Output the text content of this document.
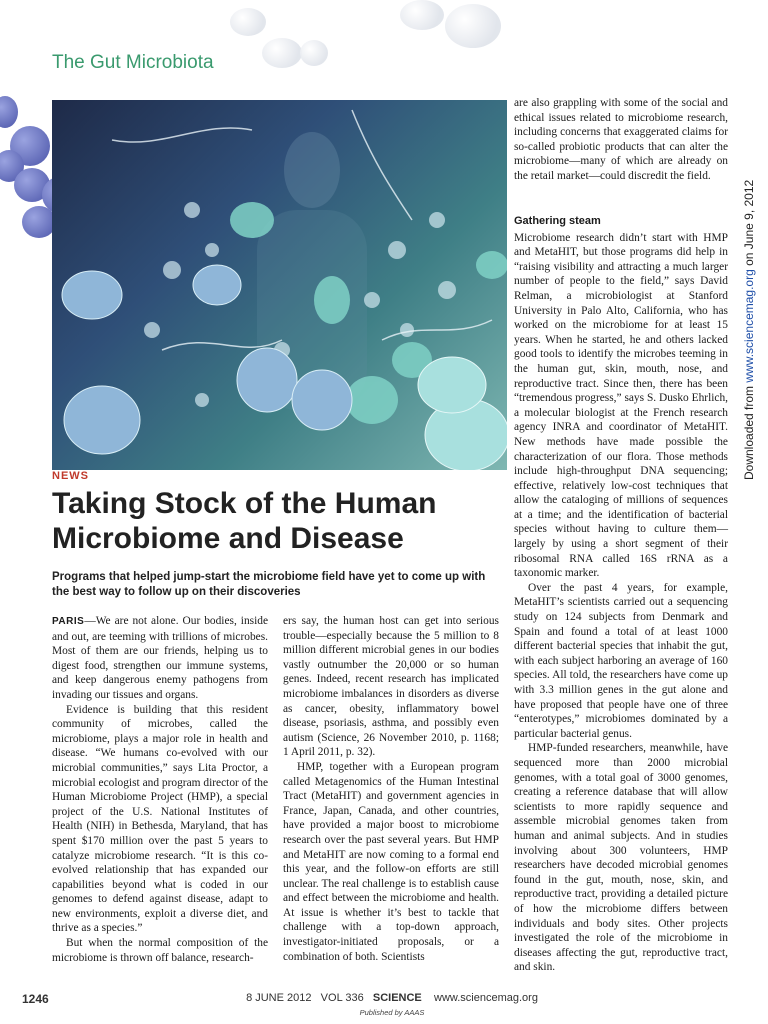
The Gut Microbiota
NEWS
Taking Stock of the Human
Microbiome and Disease
Programs that helped jump-start the microbiome field have yet to come up with the best way to follow up on their discoveries

PARIS—We are not alone. Our bodies, inside and out, are teeming with trillions of microbes. Most of them are our friends, helping us to digest food, strengthen our immune systems, and keep dangerous enemy pathogens from invading our tissues and organs.

Evidence is building that this resident community of microbes, called the microbiome, plays a major role in health and disease. “We humans co-evolved with our microbial communities,” says Lita Proctor, a microbial ecologist and program director of the Human Microbiome Project (HMP), a special project of the U.S. National Institutes of Health (NIH) in Bethesda, Maryland, that has spent $170 million over the past 5 years to catalyze microbiome research. “It is this co-evolved relationship that has expanded our capabilities beyond what is coded in our genomes to defend against disease, adapt to new environments, exploit a diverse diet, and thrive as a species.”

But when the normal composition of the microbiome is thrown off balance, research-

ers say, the human host can get into serious trouble—especially because the 5 million to 8 million different microbial genes in our bodies vastly outnumber the 20,000 or so human genes. Indeed, recent research has implicated microbiome imbalances in disorders as diverse as cancer, obesity, inflammatory bowel disease, psoriasis, asthma, and possibly even autism (Science, 26 November 2010, p. 1168; 1 April 2011, p. 32).

HMP, together with a European program called Metagenomics of the Human Intestinal Tract (MetaHIT) and government agencies in France, Japan, Canada, and other countries, have provided a major boost to microbiome research over the past several years. But HMP and MetaHIT are now coming to a formal end this year, and the follow-on efforts are still unclear. The real challenge is to establish cause and effect between the microbiome and health. At issue is whether it’s best to tackle that challenge with a top-down approach, investigator-initiated proposals, or a combination of both. Scientists

are also grappling with some of the social and ethical issues related to microbiome research, including concerns that exaggerated claims for so-called probiotic products that can alter the microbiome—many of which are already on the retail market—could discredit the field.

Gathering steam

Microbiome research didn’t start with HMP and MetaHIT, but those programs did help in “raising visibility and attracting a much larger number of people to the field,” says David Relman, a microbiologist at Stanford University in Palo Alto, California, who has worked on the microbiome for at least 15 years. When he started, he and others lacked good tools to identify the microbes teeming in the human gut, skin, mouth, nose, and reproductive tract. Since then, there has been “tremendous progress,” says S. Dusko Ehrlich, a molecular biologist at the French research agency INRA and coordinator of MetaHIT. New methods have made possible the characterization of our flora. Those methods include high-throughput DNA sequencing; effective, relatively low-cost techniques that allow the cataloging of millions of sequences at a time; and the identification of bacterial species without having to culture them—largely by using a short segment of their ribosomal RNA called 16S rRNA as a taxonomic marker.

Over the past 4 years, for example, MetaHIT’s scientists carried out a sequencing study on 124 subjects from Denmark and Spain and found a total of at least 1000 different bacterial species that inhabit the gut, with each subject harboring an average of 160 species. All told, the researchers have come up with 3.3 million genes in the gut alone and have proposed that people have one of three “enterotypes,” microbiomes dominated by a particular bacterial genus.

HMP-funded researchers, meanwhile, have sequenced more than 2000 microbial genomes, with a total goal of 3000 genomes, creating a reference database that will allow scientists to more rapidly sequence and assemble microbial genomes taken from human and animal subjects. And in studies involving about 300 volunteers, HMP researchers have decoded microbial genomes found in the gut, mouth, nose, skin, and reproductive tract, providing a detailed picture of how the microbiome differs between individuals and body sites. Other projects investigated the role of the microbiome in diseases affecting the gut, reproductive tract, and skin.

Downloaded from www.sciencemag.org on June 9, 2012
1246	8 JUNE 2012 VOL 336 SCIENCE www.sciencemag.org
Published by AAAS
